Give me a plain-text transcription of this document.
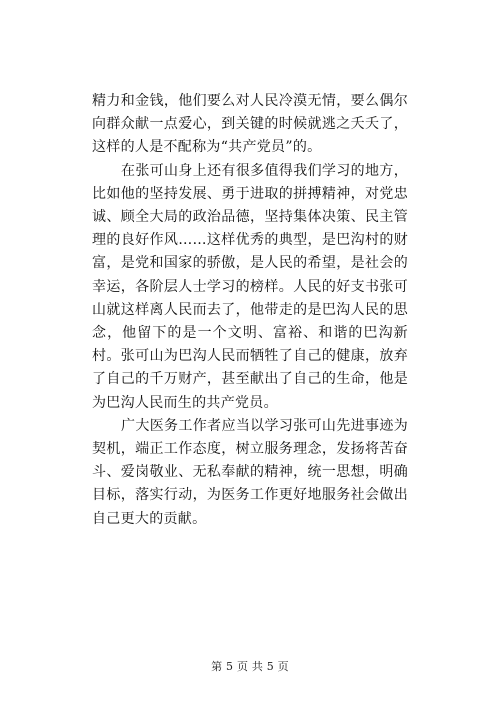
精力和金钱，他们要么对人民冷漠无情，要么偶尔向群众献一点爱心，到关键的时候就逃之夭夭了，这样的人是不配称为“共产党员”的。

在张可山身上还有很多值得我们学习的地方，比如他的坚持发展、勇于进取的拼搏精神，对党忠诚、顾全大局的政治品德，坚持集体决策、民主管理的良好作风……这样优秀的典型，是巴沟村的财富，是党和国家的骄傲，是人民的希望，是社会的幸运，各阶层人士学习的榜样。人民的好支书张可山就这样离人民而去了，他带走的是巴沟人民的思念，他留下的是一个文明、富裕、和谐的巴沟新村。张可山为巴沟人民而牺牲了自己的健康，放弃了自己的千万财产，甚至献出了自己的生命，他是为巴沟人民而生的共产党员。

广大医务工作者应当以学习张可山先进事迹为契机，端正工作态度，树立服务理念，发扬将苦奋斗、爱岗敬业、无私奉献的精神，统一思想，明确目标，落实行动，为医务工作更好地服务社会做出自己更大的贡献。

第 5 页 共 5 页
